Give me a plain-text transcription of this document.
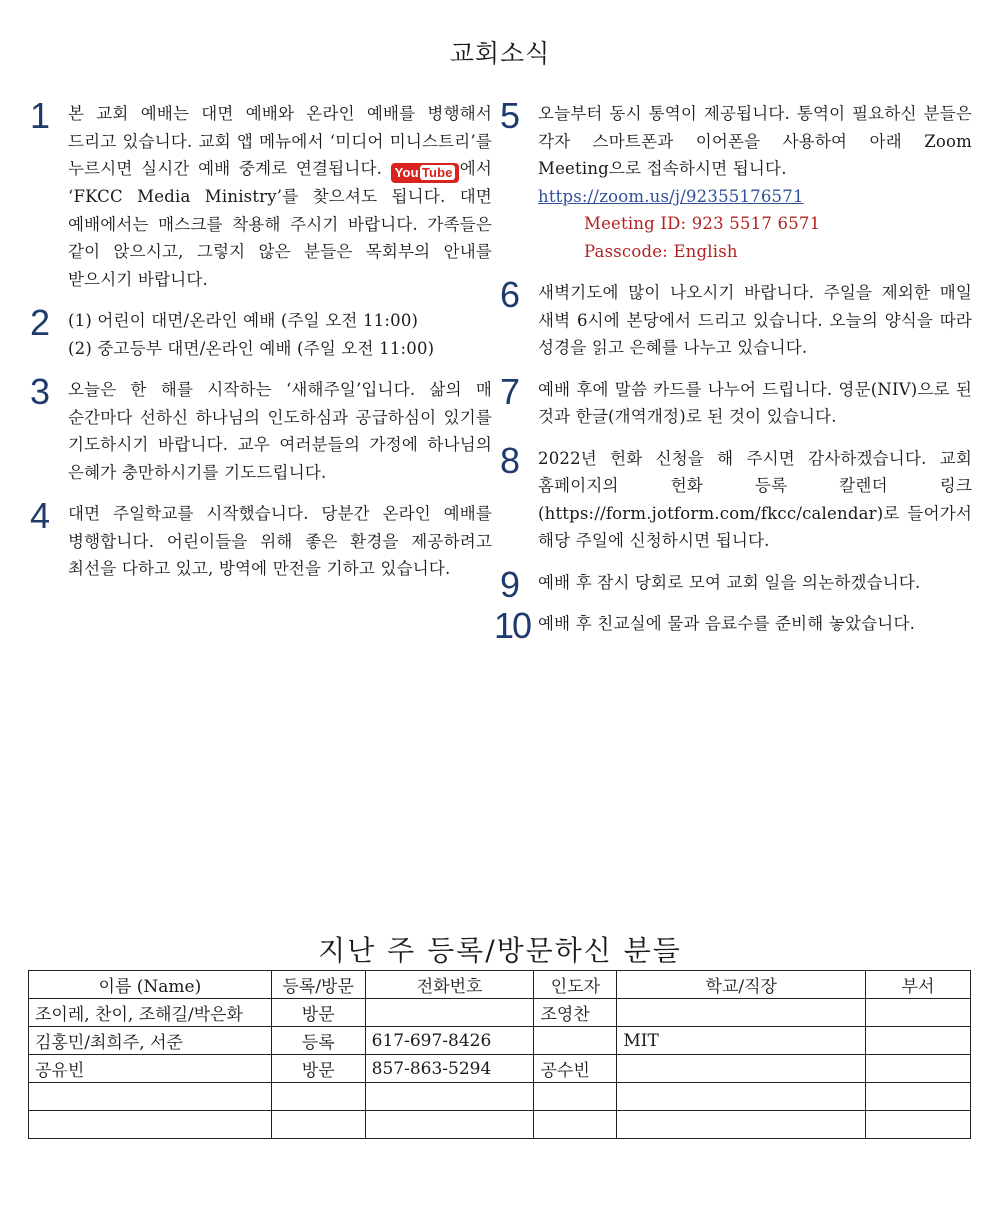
교회소식
1	본 교회 예배는 대면 예배와 온라인 예배를 병행해서 드리고 있습니다. 교회 앱 메뉴에서 ‘미디어 미니스트리’를 누르시면 실시간 예배 중계로 연결됩니다. You Tube 에서 ‘FKCC Media Ministry’를 찾으셔도 됩니다. 대면 예배에서는 매스크를 착용해 주시기 바랍니다. 가족들은 같이 앉으시고, 그렇지 않은 분들은 목회부의 안내를 받으시기 바랍니다.
2	(1) 어린이 대면/온라인 예배 (주일 오전 11:00)

(2) 중고등부 대면/온라인 예배 (주일 오전 11:00)

3	오늘은 한 해를 시작하는 ‘새해주일’입니다. 삶의 매 순간마다 선하신 하나님의 인도하심과 공급하심이 있기를 기도하시기 바랍니다. 교우 여러분들의 가정에 하나님의 은혜가 충만하시기를 기도드립니다.
4	대면 주일학교를 시작했습니다. 당분간 온라인 예배를 병행합니다. 어린이들을 위해 좋은 환경을 제공하려고 최선을 다하고 있고, 방역에 만전을 기하고 있습니다.
5	오늘부터 동시 통역이 제공됩니다. 통역이 필요하신 분들은 각자 스마트폰과 이어폰을 사용하여 아래 Zoom Meeting으로 접속하시면 됩니다.

https://zoom.us/j/92355176571

Meeting ID: 923 5517 6571

Passcode: English

6	새벽기도에 많이 나오시기 바랍니다. 주일을 제외한 매일 새벽 6시에 본당에서 드리고 있습니다. 오늘의 양식을 따라 성경을 읽고 은혜를 나누고 있습니다.
7	예배 후에 말씀 카드를 나누어 드립니다. 영문(NIV)으로 된 것과 한글(개역개정)로 된 것이 있습니다.
8	2022년 헌화 신청을 해 주시면 감사하겠습니다. 교회 홈페이지의 헌화 등록 칼렌더 링크(https://form.jotform.com/fkcc/calendar)로 들어가서 해당 주일에 신청하시면 됩니다.
9	예배 후 잠시 당회로 모여 교회 일을 의논하겠습니다.
10 예배 후 친교실에 물과 음료수를 준비해 놓았습니다.
지난 주 등록/방문하신 분들
이름 (Name)	등록/방문	전화번호	인도자	학교/직장	부서
조이레, 찬이, 조해길/박은화	방문		조영찬		
김홍민/최희주, 서준	등록	617-697-8426		MIT	
공유빈	방문	857-863-5294	공수빈		
